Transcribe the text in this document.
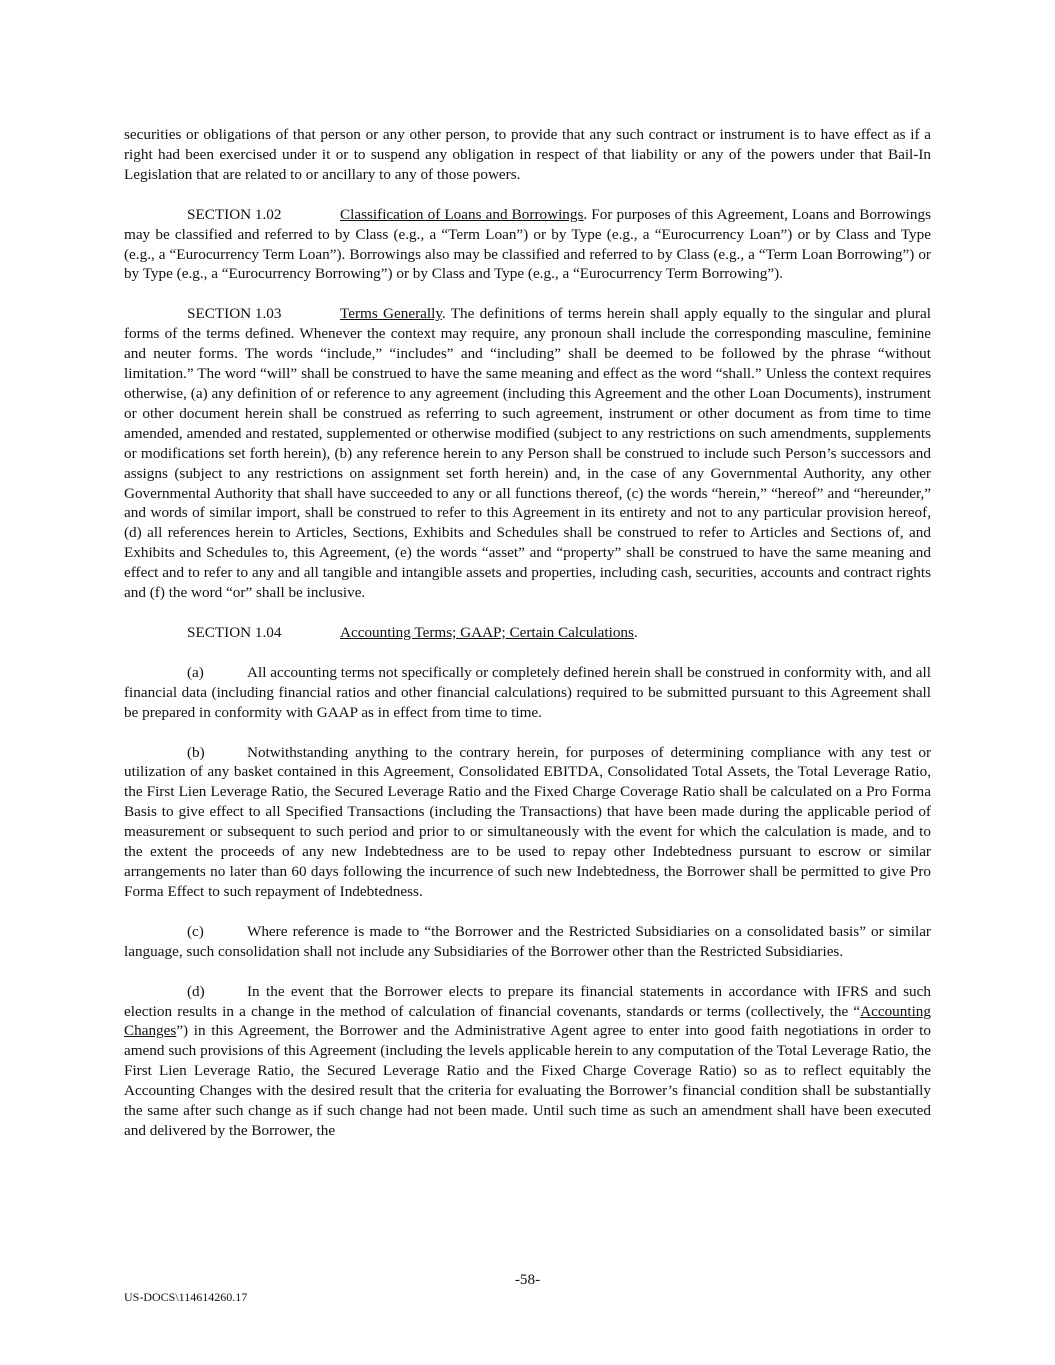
securities or obligations of that person or any other person, to provide that any such contract or instrument is to have effect as if a right had been exercised under it or to suspend any obligation in respect of that liability or any of the powers under that Bail-In Legislation that are related to or ancillary to any of those powers.

SECTION 1.02	Classification of Loans and Borrowings. For purposes of this Agreement, Loans and Borrowings may be classified and referred to by Class (e.g., a “Term Loan”) or by Type (e.g., a “Eurocurrency Loan”) or by Class and Type (e.g., a “Eurocurrency Term Loan”). Borrowings also may be classified and referred to by Class (e.g., a “Term Loan Borrowing”) or by Type (e.g., a “Eurocurrency Borrowing”) or by Class and Type (e.g., a “Eurocurrency Term Borrowing”).

SECTION 1.03	Terms Generally. The definitions of terms herein shall apply equally to the singular and plural forms of the terms defined. Whenever the context may require, any pronoun shall include the corresponding masculine, feminine and neuter forms. The words “include,” “includes” and “including” shall be deemed to be followed by the phrase “without limitation.” The word “will” shall be construed to have the same meaning and effect as the word “shall.” Unless the context requires otherwise, (a) any definition of or reference to any agreement (including this Agreement and the other Loan Documents), instrument or other document herein shall be construed as referring to such agreement, instrument or other document as from time to time amended, amended and restated, supplemented or otherwise modified (subject to any restrictions on such amendments, supplements or modifications set forth herein), (b) any reference herein to any Person shall be construed to include such Person’s successors and assigns (subject to any restrictions on assignment set forth herein) and, in the case of any Governmental Authority, any other Governmental Authority that shall have succeeded to any or all functions thereof, (c) the words “herein,” “hereof” and “hereunder,” and words of similar import, shall be construed to refer to this Agreement in its entirety and not to any particular provision hereof, (d) all references herein to Articles, Sections, Exhibits and Schedules shall be construed to refer to Articles and Sections of, and Exhibits and Schedules to, this Agreement, (e) the words “asset” and “property” shall be construed to have the same meaning and effect and to refer to any and all tangible and intangible assets and properties, including cash, securities, accounts and contract rights and (f) the word “or” shall be inclusive.

SECTION 1.04	Accounting Terms; GAAP; Certain Calculations.

(a)	All accounting terms not specifically or completely defined herein shall be construed in conformity with, and all financial data (including financial ratios and other financial calculations) required to be submitted pursuant to this Agreement shall be prepared in conformity with GAAP as in effect from time to time.

(b)	Notwithstanding anything to the contrary herein, for purposes of determining compliance with any test or utilization of any basket contained in this Agreement, Consolidated EBITDA, Consolidated Total Assets, the Total Leverage Ratio, the First Lien Leverage Ratio, the Secured Leverage Ratio and the Fixed Charge Coverage Ratio shall be calculated on a Pro Forma Basis to give effect to all Specified Transactions (including the Transactions) that have been made during the applicable period of measurement or subsequent to such period and prior to or simultaneously with the event for which the calculation is made, and to the extent the proceeds of any new Indebtedness are to be used to repay other Indebtedness pursuant to escrow or similar arrangements no later than 60 days following the incurrence of such new Indebtedness, the Borrower shall be permitted to give Pro Forma Effect to such repayment of Indebtedness.

(c)	Where reference is made to “the Borrower and the Restricted Subsidiaries on a consolidated basis” or similar language, such consolidation shall not include any Subsidiaries of the Borrower other than the Restricted Subsidiaries.

(d)	In the event that the Borrower elects to prepare its financial statements in accordance with IFRS and such election results in a change in the method of calculation of financial covenants, standards or terms (collectively, the “Accounting Changes”) in this Agreement, the Borrower and the Administrative Agent agree to enter into good faith negotiations in order to amend such provisions of this Agreement (including the levels applicable herein to any computation of the Total Leverage Ratio, the First Lien Leverage Ratio, the Secured Leverage Ratio and the Fixed Charge Coverage Ratio) so as to reflect equitably the Accounting Changes with the desired result that the criteria for evaluating the Borrower’s financial condition shall be substantially the same after such change as if such change had not been made. Until such time as such an amendment shall have been executed and delivered by the Borrower, the

-58-
US-DOCS\114614260.17
